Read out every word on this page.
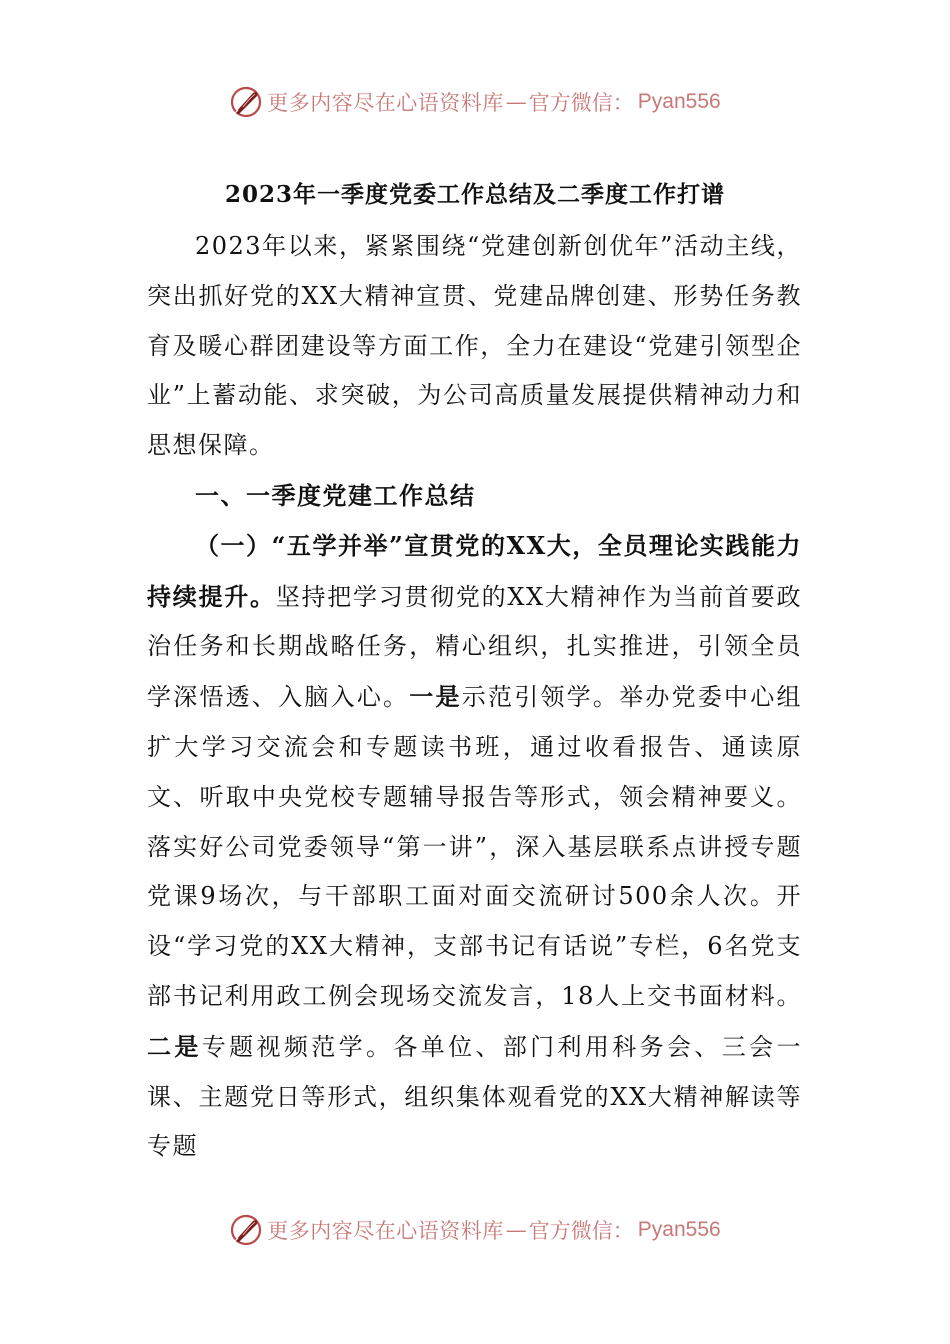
更多内容尽在心语资料库 — 官方微信： Pyan556
2023年一季度党委工作总结及二季度工作打谱

2023年以来，紧紧围绕“党建创新创优年”活动主线，突出抓好党的XX大精神宣贯、党建品牌创建、形势任务教育及暖心群团建设等方面工作，全力在建设“党建引领型企业”上蓄动能、求突破，为公司高质量发展提供精神动力和思想保障。

一、一季度党建工作总结

（一）“五学并举”宣贯党的XX大，全员理论实践能力持续提升。坚持把学习贯彻党的XX大精神作为当前首要政治任务和长期战略任务，精心组织，扎实推进，引领全员学深悟透、入脑入心。一是示范引领学。举办党委中心组扩大学习交流会和专题读书班，通过收看报告、通读原文、听取中央党校专题辅导报告等形式，领会精神要义。落实好公司党委领导“第一讲”，深入基层联系点讲授专题党课9场次，与干部职工面对面交流研讨500余人次。开设“学习党的XX大精神，支部书记有话说”专栏，6名党支部书记利用政工例会现场交流发言，18人上交书面材料。二是专题视频范学。各单位、部门利用科务会、三会一课、主题党日等形式，组织集体观看党的XX大精神解读等专题

更多内容尽在心语资料库 — 官方微信： Pyan556
